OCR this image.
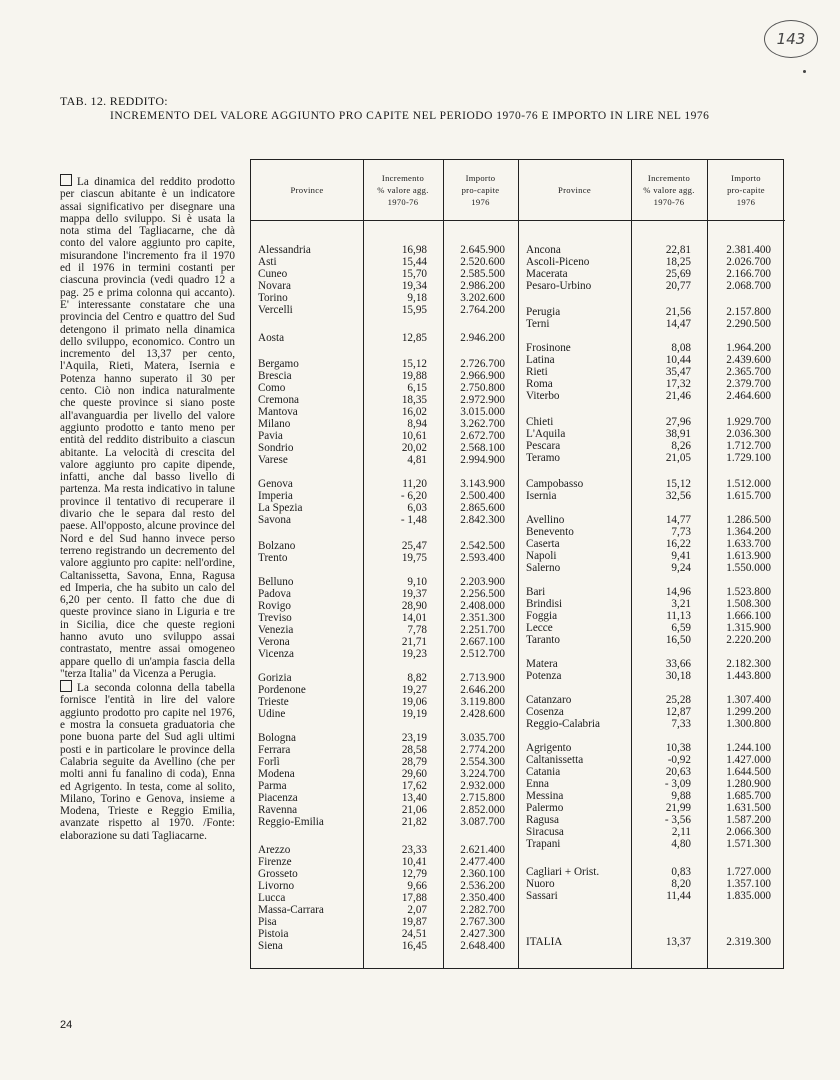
143
TAB. 12. REDDITO:
INCREMENTO DEL VALORE AGGIUNTO PRO CAPITE NEL PERIODO 1970-76 E IMPORTO IN LIRE NEL 1976

La dinamica del reddito prodotto per ciascun abitante è un indicatore assai significativo per disegnare una mappa dello sviluppo. Si è usata la nota stima del Tagliacarne, che dà conto del valore aggiunto pro capite, misurandone l'incremento fra il 1970 ed il 1976 in termini costanti per ciascuna provincia (vedi quadro 12 a pag. 25 e prima colonna qui accanto). E' interessante constatare che una provincia del Centro e quattro del Sud detengono il primato nella dinamica dello sviluppo, economico. Contro un incremento del 13,37 per cento, l'Aquila, Rieti, Matera, Isernia e Potenza hanno superato il 30 per cento. Ciò non indica naturalmente che queste province si siano poste all'avanguardia per livello del valore aggiunto prodotto e tanto meno per entità del reddito distribuito a ciascun abitante. La velocità di crescita del valore aggiunto pro capite dipende, infatti, anche dal basso livello di partenza. Ma resta indicativo in talune province il tentativo di recuperare il divario che le separa dal resto del paese. All'opposto, alcune province del Nord e del Sud hanno invece perso terreno registrando un decremento del valore aggiunto pro capite: nell'ordine, Caltanissetta, Savona, Enna, Ragusa ed Imperia, che ha subito un calo del 6,20 per cento. Il fatto che due di queste province siano in Liguria e tre in Sicilia, dice che queste regioni hanno avuto uno sviluppo assai contrastato, mentre assai omogeneo appare quello di un'ampia fascia della "terza Italia" da Vicenza a Perugia.

La seconda colonna della tabella fornisce l'entità in lire del valore aggiunto prodotto pro capite nel 1976, e mostra la consueta graduatoria che pone buona parte del Sud agli ultimi posti e in particolare le province della Calabria seguite da Avellino (che per molti anni fu fanalino di coda), Enna ed Agrigento. In testa, come al solito, Milano, Torino e Genova, insieme a Modena, Trieste e Reggio Emilia, avanzate rispetto al 1970. /Fonte: elaborazione su dati Tagliacarne.

Province
Incremento
% valore agg.
1970-76
Importo
pro-capite
1976
Province
Incremento
% valore agg.
1970-76
Importo
pro-capite
1976
Alessandria	16,98	2.645.900
Asti	15,44	2.520.600
Cuneo	15,70	2.585.500
Novara	19,34	2.986.200
Torino	9,18	3.202.600
Vercelli	15,95	2.764.200
Aosta	12,85	2.946.200
Bergamo	15,12	2.726.700
Brescia	19,88	2.966.900
Como	6,15	2.750.800
Cremona	18,35	2.972.900
Mantova	16,02	3.015.000
Milano	8,94	3.262.700
Pavia	10,61	2.672.700
Sondrio	20,02	2.568.100
Varese	4,81	2.994.900
Genova	11,20	3.143.900
Imperia	- 6,20	2.500.400
La Spezia	6,03	2.865.600
Savona	- 1,48	2.842.300
Bolzano	25,47	2.542.500
Trento	19,75	2.593.400
Belluno	9,10	2.203.900
Padova	19,37	2.256.500
Rovigo	28,90	2.408.000
Treviso	14,01	2.351.300
Venezia	7,78	2.251.700
Verona	21,71	2.667.100
Vicenza	19,23	2.512.700
Gorizia	8,82	2.713.900
Pordenone	19,27	2.646.200
Trieste	19,06	3.119.800
Udine	19,19	2.428.600
Bologna	23,19	3.035.700
Ferrara	28,58	2.774.200
Forlì	28,79	2.554.300
Modena	29,60	3.224.700
Parma	17,62	2.932.000
Piacenza	13,40	2.715.800
Ravenna	21,06	2.852.000
Reggio-Emilia	21,82	3.087.700
Arezzo	23,33	2.621.400
Firenze	10,41	2.477.400
Grosseto	12,79	2.360.100
Livorno	9,66	2.536.200
Lucca	17,88	2.350.400
Massa-Carrara	2,07	2.282.700
Pisa	19,87	2.767.300
Pistoia	24,51	2.427.300
Siena	16,45	2.648.400
Ancona	22,81	2.381.400
Ascoli-Piceno	18,25	2.026.700
Macerata	25,69	2.166.700
Pesaro-Urbino	20,77	2.068.700
Perugia	21,56	2.157.800
Terni	14,47	2.290.500
Frosinone	8,08	1.964.200
Latina	10,44	2.439.600
Rieti	35,47	2.365.700
Roma	17,32	2.379.700
Viterbo	21,46	2.464.600
Chieti	27,96	1.929.700
L'Aquila	38,91	2.036.300
Pescara	8,26	1.712.700
Teramo	21,05	1.729.100
Campobasso	15,12	1.512.000
Isernia	32,56	1.615.700
Avellino	14,77	1.286.500
Benevento	7,73	1.364.200
Caserta	16,22	1.633.700
Napoli	9,41	1.613.900
Salerno	9,24	1.550.000
Bari	14,96	1.523.800
Brindisi	3,21	1.508.300
Foggia	11,13	1.666.100
Lecce	6,59	1.315.900
Taranto	16,50	2.220.200
Matera	33,66	2.182.300
Potenza	30,18	1.443.800
Catanzaro	25,28	1.307.400
Cosenza	12,87	1.299.200
Reggio-Calabria	7,33	1.300.800
Agrigento	10,38	1.244.100
Caltanissetta	-0,92	1.427.000
Catania	20,63	1.644.500
Enna	- 3,09	1.280.900
Messina	9,88	1.685.700
Palermo	21,99	1.631.500
Ragusa	- 3,56	1.587.200
Siracusa	2,11	2.066.300
Trapani	4,80	1.571.300
Cagliari + Orist.	0,83	1.727.000
Nuoro	8,20	1.357.100
Sassari	11,44	1.835.000
ITALIA	13,37	2.319.300
24
